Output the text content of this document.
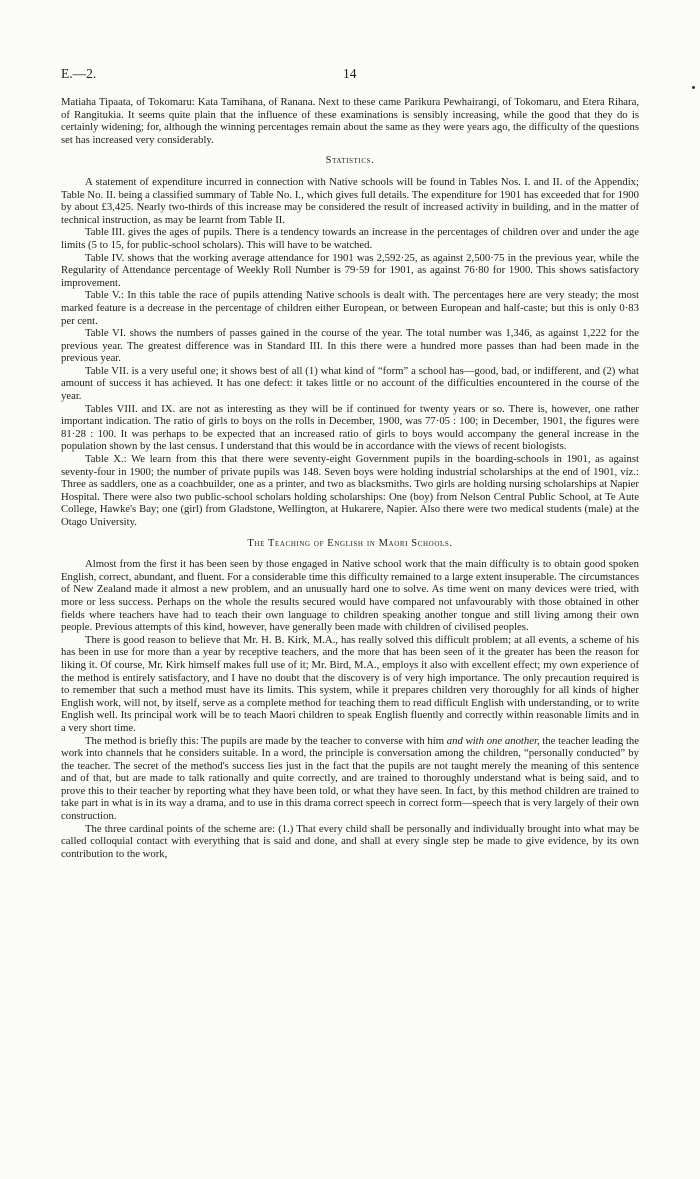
E.—2.	14

Matiaha Tipaata, of Tokomaru: Kata Tamihana, of Ranana. Next to these came Parikura Pewhairangi, of Tokomaru, and Etera Rihara, of Rangitukia. It seems quite plain that the influence of these examinations is sensibly increasing, while the good that they do is certainly widening; for, although the winning percentages remain about the same as they were years ago, the difficulty of the questions set has increased very considerably.

Statistics.

A statement of expenditure incurred in connection with Native schools will be found in Tables Nos. I. and II. of the Appendix; Table No. II. being a classified summary of Table No. I., which gives full details. The expenditure for 1901 has exceeded that for 1900 by about £3,425. Nearly two-thirds of this increase may be considered the result of increased activity in building, and in the matter of technical instruction, as may be learnt from Table II.

Table III. gives the ages of pupils. There is a tendency towards an increase in the percentages of children over and under the age limits (5 to 15, for public-school scholars). This will have to be watched.

Table IV. shows that the working average attendance for 1901 was 2,592·25, as against 2,500·75 in the previous year, while the Regularity of Attendance percentage of Weekly Roll Number is 79·59 for 1901, as against 76·80 for 1900. This shows satisfactory improvement.

Table V.: In this table the race of pupils attending Native schools is dealt with. The percentages here are very steady; the most marked feature is a decrease in the percentage of children either European, or between European and half-caste; but this is only 0·83 per cent.

Table VI. shows the numbers of passes gained in the course of the year. The total number was 1,346, as against 1,222 for the previous year. The greatest difference was in Standard III. In this there were a hundred more passes than had been made in the previous year.

Table VII. is a very useful one; it shows best of all (1) what kind of “form” a school has—good, bad, or indifferent, and (2) what amount of success it has achieved. It has one defect: it takes little or no account of the difficulties encountered in the course of the year.

Tables VIII. and IX. are not as interesting as they will be if continued for twenty years or so. There is, however, one rather important indication. The ratio of girls to boys on the rolls in December, 1900, was 77·05 : 100; in December, 1901, the figures were 81·28 : 100. It was perhaps to be expected that an increased ratio of girls to boys would accompany the general increase in the population shown by the last census. I understand that this would be in accordance with the views of recent biologists.

Table X.: We learn from this that there were seventy-eight Government pupils in the boarding-schools in 1901, as against seventy-four in 1900; the number of private pupils was 148. Seven boys were holding industrial scholarships at the end of 1901, viz.: Three as saddlers, one as a coachbuilder, one as a printer, and two as blacksmiths. Two girls are holding nursing scholarships at Napier Hospital. There were also two public-school scholars holding scholarships: One (boy) from Nelson Central Public School, at Te Aute College, Hawke's Bay; one (girl) from Gladstone, Wellington, at Hukarere, Napier. Also there were two medical students (male) at the Otago University.

The Teaching of English in Maori Schools.

Almost from the first it has been seen by those engaged in Native school work that the main difficulty is to obtain good spoken English, correct, abundant, and fluent. For a considerable time this difficulty remained to a large extent insuperable. The circumstances of New Zealand made it almost a new problem, and an unusually hard one to solve. As time went on many devices were tried, with more or less success. Perhaps on the whole the results secured would have compared not unfavourably with those obtained in other fields where teachers have had to teach their own language to children speaking another tongue and still living among their own people. Previous attempts of this kind, however, have generally been made with children of civilised peoples.

There is good reason to believe that Mr. H. B. Kirk, M.A., has really solved this difficult problem; at all events, a scheme of his has been in use for more than a year by receptive teachers, and the more that has been seen of it the greater has been the reason for liking it. Of course, Mr. Kirk himself makes full use of it; Mr. Bird, M.A., employs it also with excellent effect; my own experience of the method is entirely satisfactory, and I have no doubt that the discovery is of very high importance. The only precaution required is to remember that such a method must have its limits. This system, while it prepares children very thoroughly for all kinds of higher English work, will not, by itself, serve as a complete method for teaching them to read difficult English with understanding, or to write English well. Its principal work will be to teach Maori children to speak English fluently and correctly within reasonable limits and in a very short time.

The method is briefly this: The pupils are made by the teacher to converse with him and with one another, the teacher leading the work into channels that he considers suitable. In a word, the principle is conversation among the children, “personally conducted” by the teacher. The secret of the method's success lies just in the fact that the pupils are not taught merely the meaning of this sentence and of that, but are made to talk rationally and quite correctly, and are trained to thoroughly understand what is being said, and to prove this to their teacher by reporting what they have been told, or what they have seen. In fact, by this method children are trained to take part in what is in its way a drama, and to use in this drama correct speech in correct form—speech that is very largely of their own construction.

The three cardinal points of the scheme are: (1.) That every child shall be personally and individually brought into what may be called colloquial contact with everything that is said and done, and shall at every single step be made to give evidence, by its own contribution to the work,
